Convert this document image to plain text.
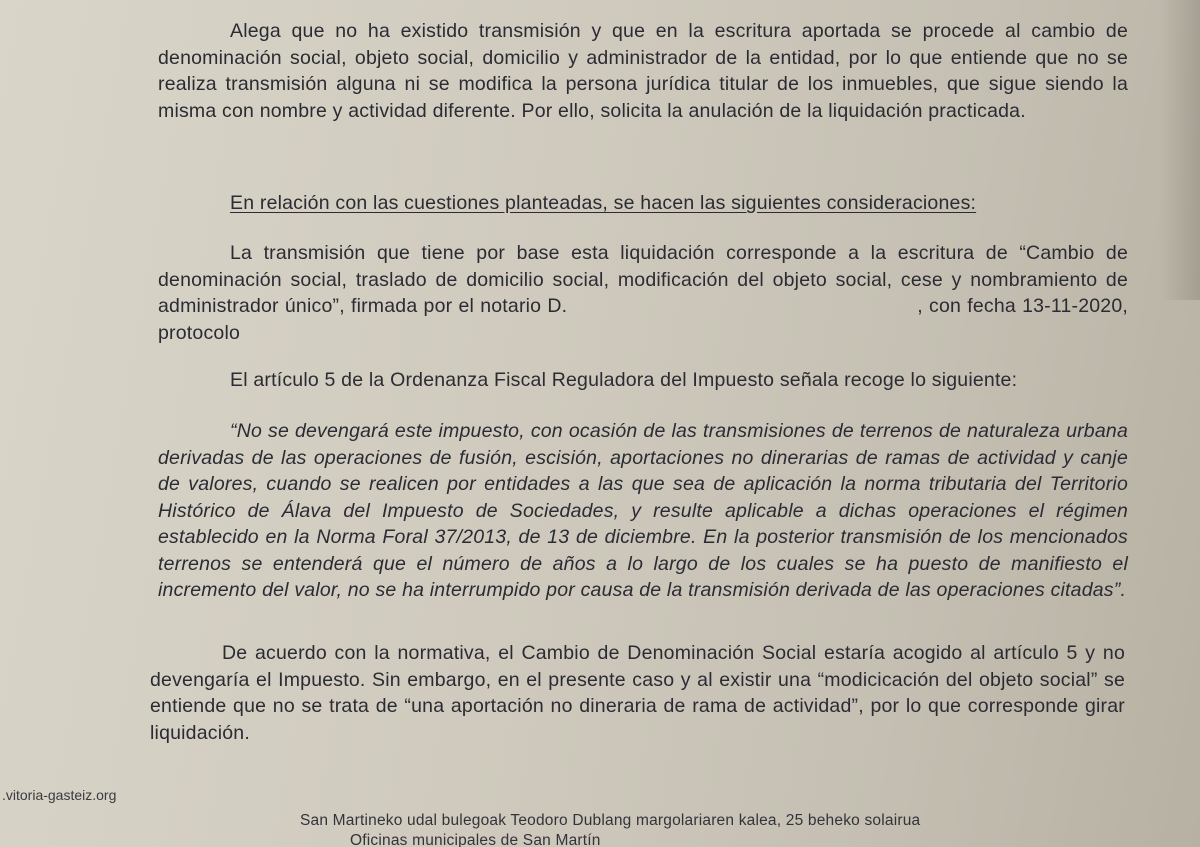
Alega que no ha existido transmisión y que en la escritura aportada se procede al cambio de denominación social, objeto social, domicilio y administrador de la entidad, por lo que entiende que no se realiza transmisión alguna ni se modifica la persona jurídica titular de los inmuebles, que sigue siendo la misma con nombre y actividad diferente. Por ello, solicita la anulación de la liquidación practicada.

En relación con las cuestiones planteadas, se hacen las siguientes consideraciones:

La transmisión que tiene por base esta liquidación corresponde a la escritura de “Cambio de denominación social, traslado de domicilio social, modificación del objeto social, cese y nombramiento de administrador único”, firmada por el notario D.	, con fecha 13-11-2020, protocolo

El artículo 5 de la Ordenanza Fiscal Reguladora del Impuesto señala recoge lo siguiente:

“No se devengará este impuesto, con ocasión de las transmisiones de terrenos de naturaleza urbana derivadas de las operaciones de fusión, escisión, aportaciones no dinerarias de ramas de actividad y canje de valores, cuando se realicen por entidades a las que sea de aplicación la norma tributaria del Territorio Histórico de Álava del Impuesto de Sociedades, y resulte aplicable a dichas operaciones el régimen establecido en la Norma Foral 37/2013, de 13 de diciembre. En la posterior transmisión de los mencionados terrenos se entenderá que el número de años a lo largo de los cuales se ha puesto de manifiesto el incremento del valor, no se ha interrumpido por causa de la transmisión derivada de las operaciones citadas”.

De acuerdo con la normativa, el Cambio de Denominación Social estaría acogido al artículo 5 y no devengaría el Impuesto. Sin embargo, en el presente caso y al existir una “modicicación del objeto social” se entiende que no se trata de “una aportación no dineraria de rama de actividad”, por lo que corresponde girar liquidación.

.vitoria-gasteiz.org
San Martineko udal bulegoak Teodoro Dublang margolariaren kalea, 25 beheko solairua
Oficinas municipales de San Martín
